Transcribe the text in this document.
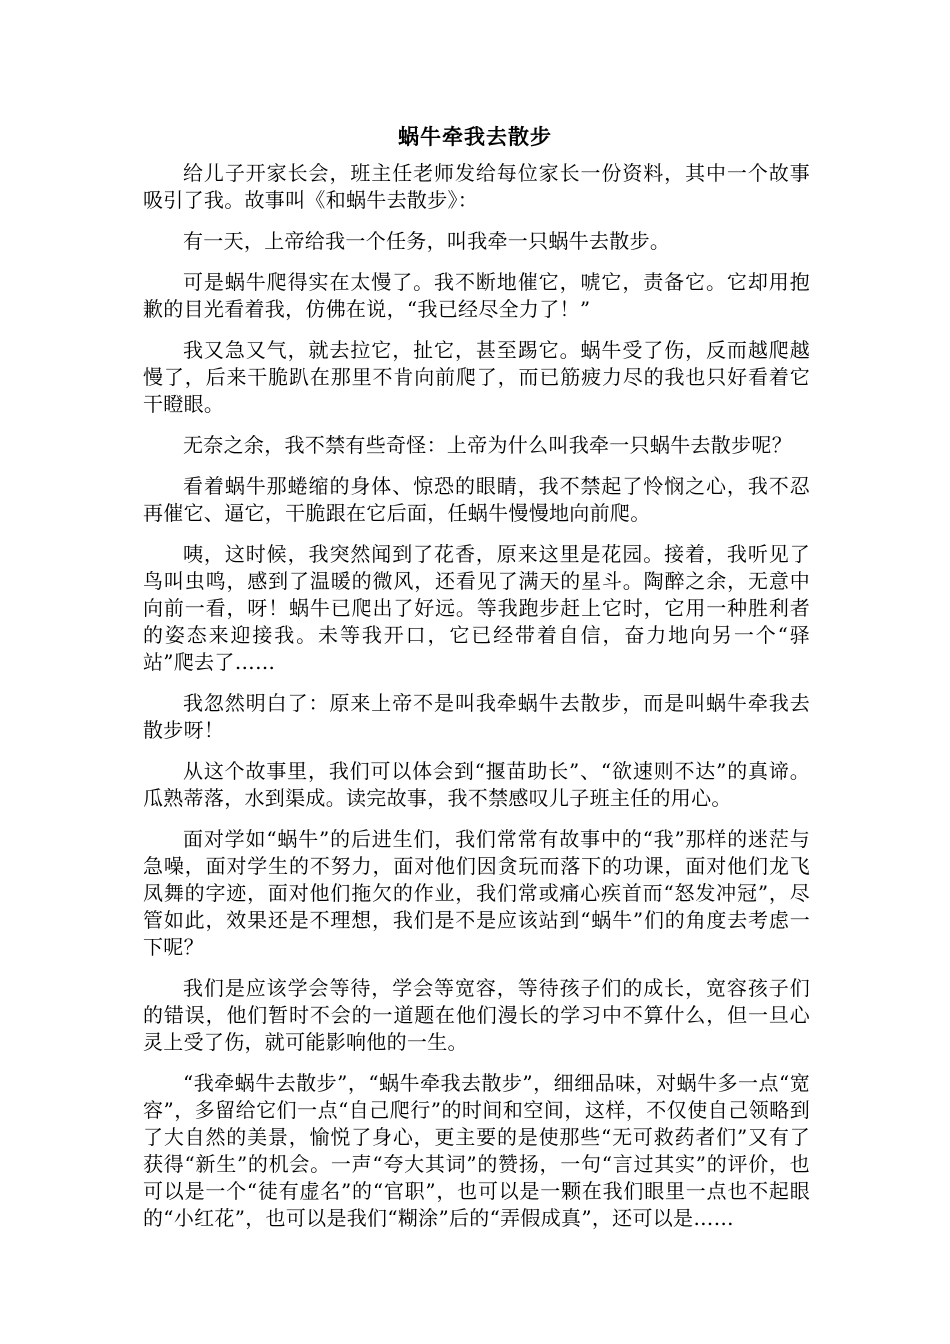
蜗牛牵我去散步

给儿子开家长会，班主任老师发给每位家长一份资料，其中一个故事吸引了我。故事叫《和蜗牛去散步》：

有一天，上帝给我一个任务，叫我牵一只蜗牛去散步。

可是蜗牛爬得实在太慢了。我不断地催它，唬它，责备它。它却用抱歉的目光看着我，仿佛在说，“我已经尽全力了！”

我又急又气，就去拉它，扯它，甚至踢它。蜗牛受了伤，反而越爬越慢了，后来干脆趴在那里不肯向前爬了，而已筋疲力尽的我也只好看着它干瞪眼。

无奈之余，我不禁有些奇怪：上帝为什么叫我牵一只蜗牛去散步呢？

看着蜗牛那蜷缩的身体、惊恐的眼睛，我不禁起了怜悯之心，我不忍再催它、逼它，干脆跟在它后面，任蜗牛慢慢地向前爬。

咦，这时候，我突然闻到了花香，原来这里是花园。接着，我听见了鸟叫虫鸣，感到了温暖的微风，还看见了满天的星斗。陶醉之余，无意中向前一看，呀！蜗牛已爬出了好远。等我跑步赶上它时，它用一种胜利者的姿态来迎接我。未等我开口，它已经带着自信，奋力地向另一个“驿站”爬去了……

我忽然明白了：原来上帝不是叫我牵蜗牛去散步，而是叫蜗牛牵我去散步呀！

从这个故事里，我们可以体会到“揠苗助长”、“欲速则不达”的真谛。瓜熟蒂落，水到渠成。读完故事，我不禁感叹儿子班主任的用心。

面对学如“蜗牛”的后进生们，我们常常有故事中的“我”那样的迷茫与急噪，面对学生的不努力，面对他们因贪玩而落下的功课，面对他们龙飞凤舞的字迹，面对他们拖欠的作业，我们常或痛心疾首而“怒发冲冠”，尽管如此，效果还是不理想，我们是不是应该站到“蜗牛”们的角度去考虑一下呢？

我们是应该学会等待，学会等宽容，等待孩子们的成长，宽容孩子们的错误，他们暂时不会的一道题在他们漫长的学习中不算什么，但一旦心灵上受了伤，就可能影响他的一生。

“我牵蜗牛去散步”，“蜗牛牵我去散步”，细细品味，对蜗牛多一点“宽容”，多留给它们一点“自己爬行”的时间和空间，这样，不仅使自己领略到了大自然的美景，愉悦了身心，更主要的是使那些“无可救药者们”又有了获得“新生”的机会。一声“夸大其词”的赞扬，一句“言过其实”的评价，也可以是一个“徒有虚名”的“官职”，也可以是一颗在我们眼里一点也不起眼的“小红花”，也可以是我们“糊涂”后的“弄假成真”，还可以是……
